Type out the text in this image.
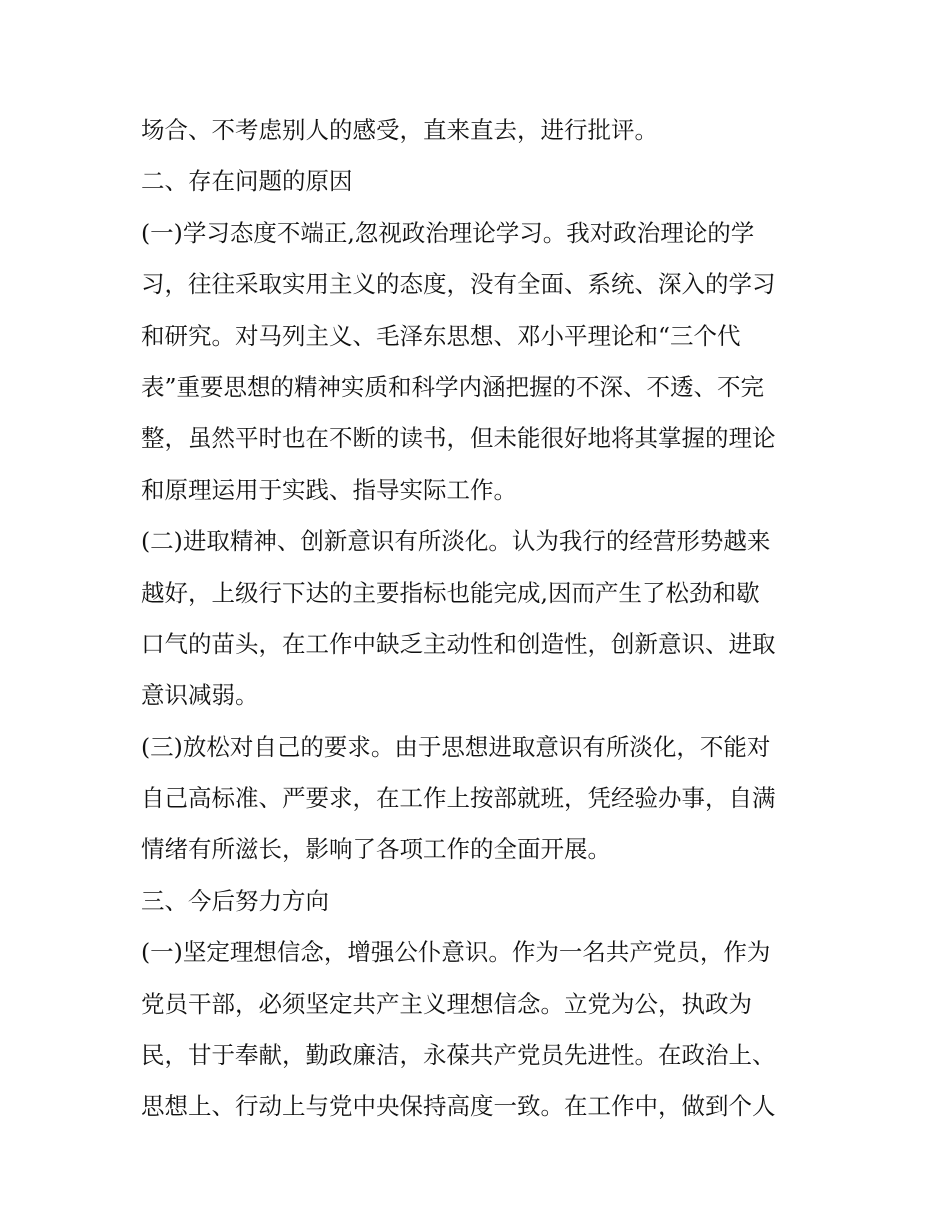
场合、不考虑别人的感受，直来直去，进行批评。
二、存在问题的原因
(一)学习态度不端正,忽视政治理论学习。我对政治理论的学
习，往往采取实用主义的态度，没有全面、系统、深入的学习
和研究。对马列主义、毛泽东思想、邓小平理论和“三个代
表”重要思想的精神实质和科学内涵把握的不深、不透、不完
整，虽然平时也在不断的读书，但未能很好地将其掌握的理论
和原理运用于实践、指导实际工作。
(二)进取精神、创新意识有所淡化。认为我行的经营形势越来
越好，上级行下达的主要指标也能完成,因而产生了松劲和歇
口气的苗头，在工作中缺乏主动性和创造性，创新意识、进取
意识减弱。
(三)放松对自己的要求。由于思想进取意识有所淡化，不能对
自己高标准、严要求，在工作上按部就班，凭经验办事，自满
情绪有所滋长，影响了各项工作的全面开展。
三、今后努力方向
(一)坚定理想信念，增强公仆意识。作为一名共产党员，作为
党员干部，必须坚定共产主义理想信念。立党为公，执政为
民，甘于奉献，勤政廉洁，永葆共产党员先进性。在政治上、
思想上、行动上与党中央保持高度一致。在工作中，做到个人
